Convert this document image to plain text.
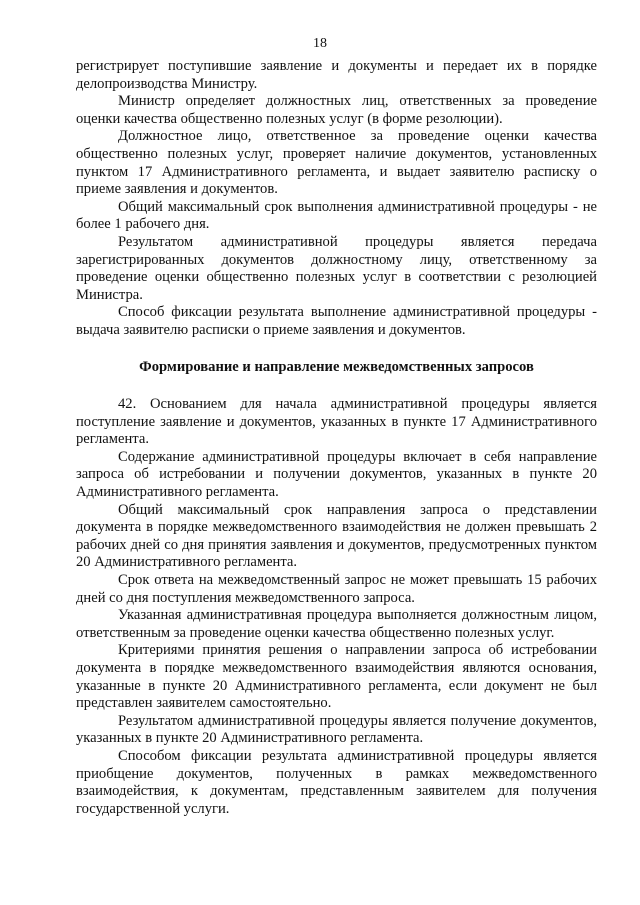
18

регистрирует поступившие заявление и документы и передает их в порядке делопроизводства Министру.

Министр определяет должностных лиц, ответственных за проведение оценки качества общественно полезных услуг (в форме резолюции).

Должностное лицо, ответственное за проведение оценки качества общественно полезных услуг, проверяет наличие документов, установленных пунктом 17 Административного регламента, и выдает заявителю расписку о приеме заявления и документов.

Общий максимальный срок выполнения административной процедуры - не более 1 рабочего дня.

Результатом административной процедуры является передача зарегистрированных документов должностному лицу, ответственному за проведение оценки общественно полезных услуг в соответствии с резолюцией Министра.

Способ фиксации результата выполнение административной процедуры - выдача заявителю расписки о приеме заявления и документов.

Формирование и направление межведомственных запросов

42. Основанием для начала административной процедуры является поступление заявление и документов, указанных в пункте 17 Административного регламента.

Содержание административной процедуры включает в себя направление запроса об истребовании и получении документов, указанных в пункте 20 Административного регламента.

Общий максимальный срок направления запроса о представлении документа в порядке межведомственного взаимодействия не должен превышать 2 рабочих дней со дня принятия заявления и документов, предусмотренных пунктом 20 Административного регламента.

Срок ответа на межведомственный запрос не может превышать 15 рабочих дней со дня поступления межведомственного запроса.

Указанная административная процедура выполняется должностным лицом, ответственным за проведение оценки качества общественно полезных услуг.

Критериями принятия решения о направлении запроса об истребовании документа в порядке межведомственного взаимодействия являются основания, указанные в пункте 20 Административного регламента, если документ не был представлен заявителем самостоятельно.

Результатом административной процедуры является получение документов, указанных в пункте 20 Административного регламента.

Способом фиксации результата административной процедуры является приобщение документов, полученных в рамках межведомственного взаимодействия, к документам, представленным заявителем для получения государственной услуги.
